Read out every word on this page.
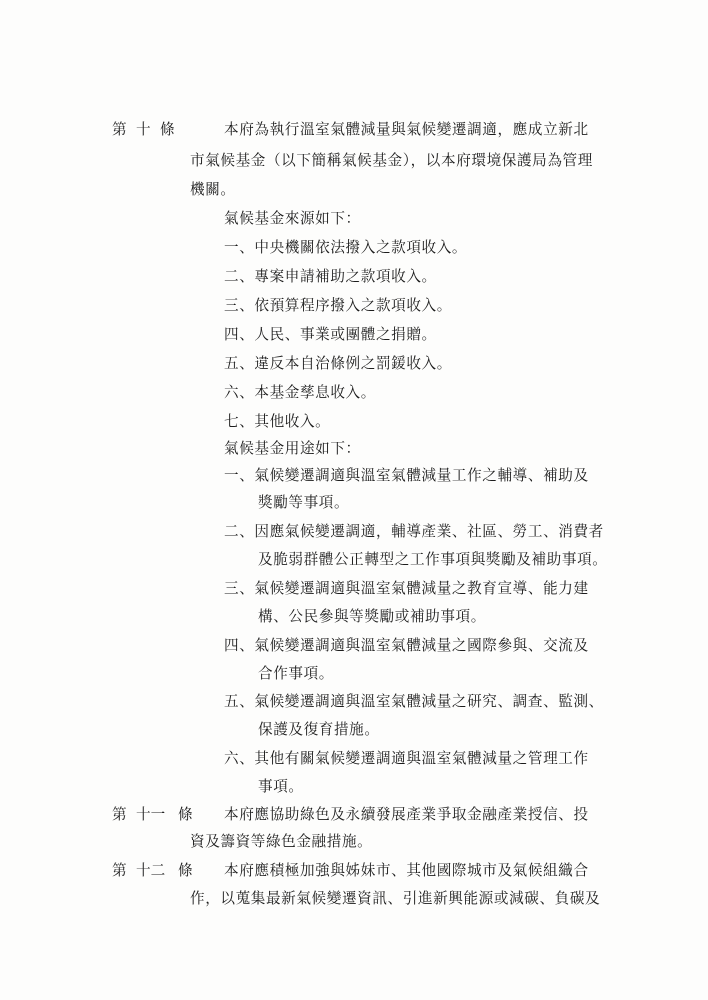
第 十 條	本府為執行溫室氣體減量與氣候變遷調適，應成立新北
市氣候基金（以下簡稱氣候基金），以本府環境保護局為管理
機關。
氣候基金來源如下：
一、中央機關依法撥入之款項收入。
二、專案申請補助之款項收入。
三、依預算程序撥入之款項收入。
四、人民、事業或團體之捐贈。
五、違反本自治條例之罰鍰收入。
六、本基金孳息收入。
七、其他收入。
氣候基金用途如下：
一、氣候變遷調適與溫室氣體減量工作之輔導、補助及
獎勵等事項。
二、因應氣候變遷調適，輔導產業、社區、勞工、消費者
及脆弱群體公正轉型之工作事項與獎勵及補助事項。
三、氣候變遷調適與溫室氣體減量之教育宣導、能力建
構、公民參與等獎勵或補助事項。
四、氣候變遷調適與溫室氣體減量之國際參與、交流及
合作事項。
五、氣候變遷調適與溫室氣體減量之研究、調查、監測、
保護及復育措施。
六、其他有關氣候變遷調適與溫室氣體減量之管理工作
事項。
第 十一 條 本府應協助綠色及永續發展產業爭取金融產業授信、投
資及籌資等綠色金融措施。
第 十二 條 本府應積極加強與姊妹市、其他國際城市及氣候組織合
作，以蒐集最新氣候變遷資訊、引進新興能源或減碳、負碳及
